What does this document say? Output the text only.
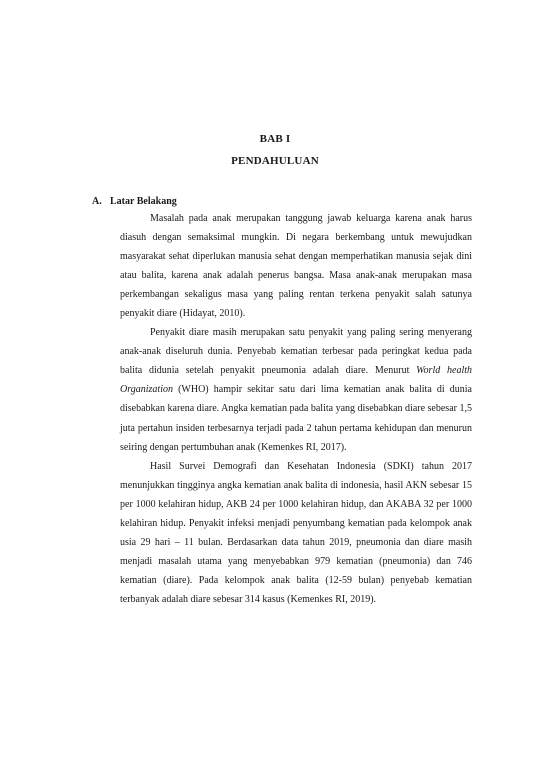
BAB I
PENDAHULUAN
A. Latar Belakang

Masalah pada anak merupakan tanggung jawab keluarga karena anak harus diasuh dengan semaksimal mungkin. Di negara berkembang untuk mewujudkan masyarakat sehat diperlukan manusia sehat dengan memperhatikan manusia sejak dini atau balita, karena anak adalah penerus bangsa. Masa anak-anak merupakan masa perkembangan sekaligus masa yang paling rentan terkena penyakit salah satunya penyakit diare (Hidayat, 2010).

Penyakit diare masih merupakan satu penyakit yang paling sering menyerang anak-anak diseluruh dunia. Penyebab kematian terbesar pada peringkat kedua pada balita didunia setelah penyakit pneumonia adalah diare. Menurut World health Organization (WHO) hampir sekitar satu dari lima kematian anak balita di dunia disebabkan karena diare. Angka kematian pada balita yang disebabkan diare sebesar 1,5 juta pertahun insiden terbesarnya terjadi pada 2 tahun pertama kehidupan dan menurun seiring dengan pertumbuhan anak (Kemenkes RI, 2017).

Hasil Survei Demografi dan Kesehatan Indonesia (SDKI) tahun 2017 menunjukkan tingginya angka kematian anak balita di indonesia, hasil AKN sebesar 15 per 1000 kelahiran hidup, AKB 24 per 1000 kelahiran hidup, dan AKABA 32 per 1000 kelahiran hidup. Penyakit infeksi menjadi penyumbang kematian pada kelompok anak usia 29 hari – 11 bulan. Berdasarkan data tahun 2019, pneumonia dan diare masih menjadi masalah utama yang menyebabkan 979 kematian (pneumonia) dan 746 kematian (diare). Pada kelompok anak balita (12-59 bulan) penyebab kematian terbanyak adalah diare sebesar 314 kasus (Kemenkes RI, 2019).
